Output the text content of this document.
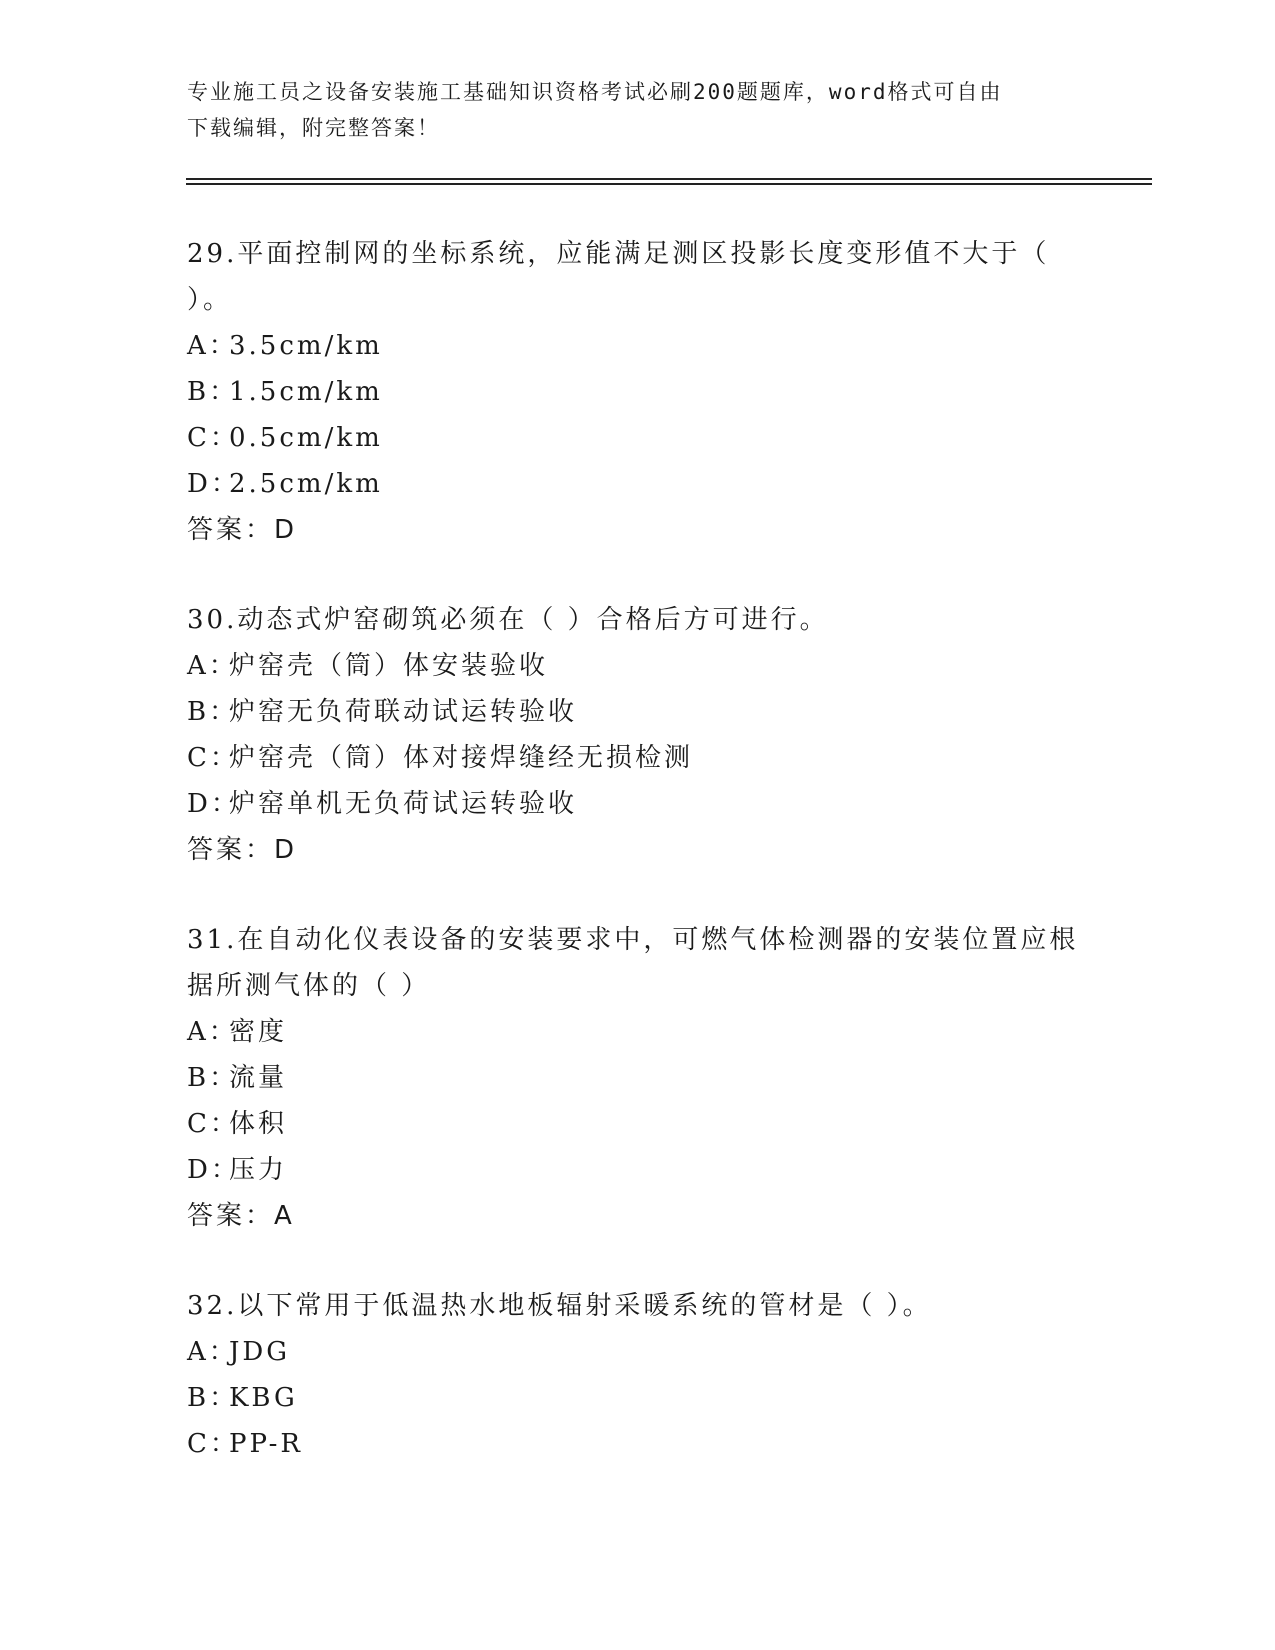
专业施工员之设备安装施工基础知识资格考试必刷200题题库，word格式可自由
下载编辑，附完整答案！
29.平面控制网的坐标系统，应能满足测区投影长度变形值不大于（
）。
A：3.5cm/km
B：1.5cm/km
C：0.5cm/km
D：2.5cm/km
答案：D
30.动态式炉窑砌筑必须在（ ）合格后方可进行。
A：炉窑壳（筒）体安装验收
B：炉窑无负荷联动试运转验收
C：炉窑壳（筒）体对接焊缝经无损检测
D：炉窑单机无负荷试运转验收
答案：D
31.在自动化仪表设备的安装要求中，可燃气体检测器的安装位置应根
据所测气体的（ ）
A：密度
B：流量
C：体积
D：压力
答案：A
32.以下常用于低温热水地板辐射采暖系统的管材是（ ）。
A：JDG
B：KBG
C：PP-R
